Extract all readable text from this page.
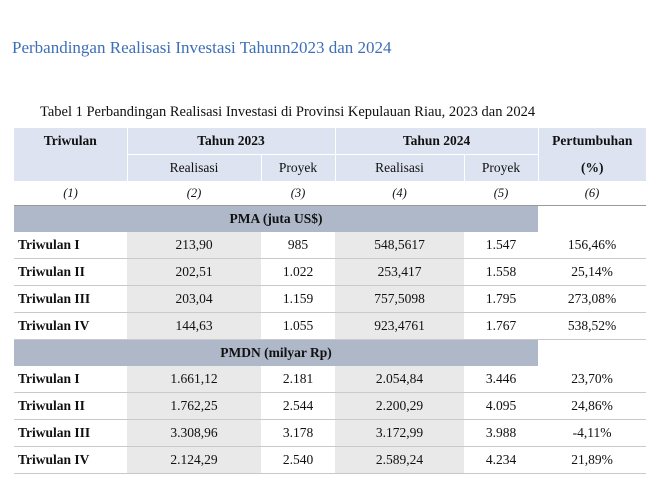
Perbandingan Realisasi Investasi Tahunn2023 dan 2024
Tabel 1 Perbandingan Realisasi Investasi di Provinsi Kepulauan Riau, 2023 dan 2024
Triwulan	Tahun 2023		Tahun 2024		Pertumbuhan
	Realisasi	Proyek	Realisasi	Proyek	(%)
(1)	(2)	(3)	(4)	(5)	(6)
PMA (juta US$)					
Triwulan I	213,90	985	548,5617	1.547	156,46%
Triwulan II	202,51	1.022	253,417	1.558	25,14%
Triwulan III	203,04	1.159	757,5098	1.795	273,08%
Triwulan IV	144,63	1.055	923,4761	1.767	538,52%
PMDN (milyar Rp)					
Triwulan I	1.661,12	2.181	2.054,84	3.446	23,70%
Triwulan II	1.762,25	2.544	2.200,29	4.095	24,86%
Triwulan III	3.308,96	3.178	3.172,99	3.988	-4,11%
Triwulan IV	2.124,29	2.540	2.589,24	4.234	21,89%
